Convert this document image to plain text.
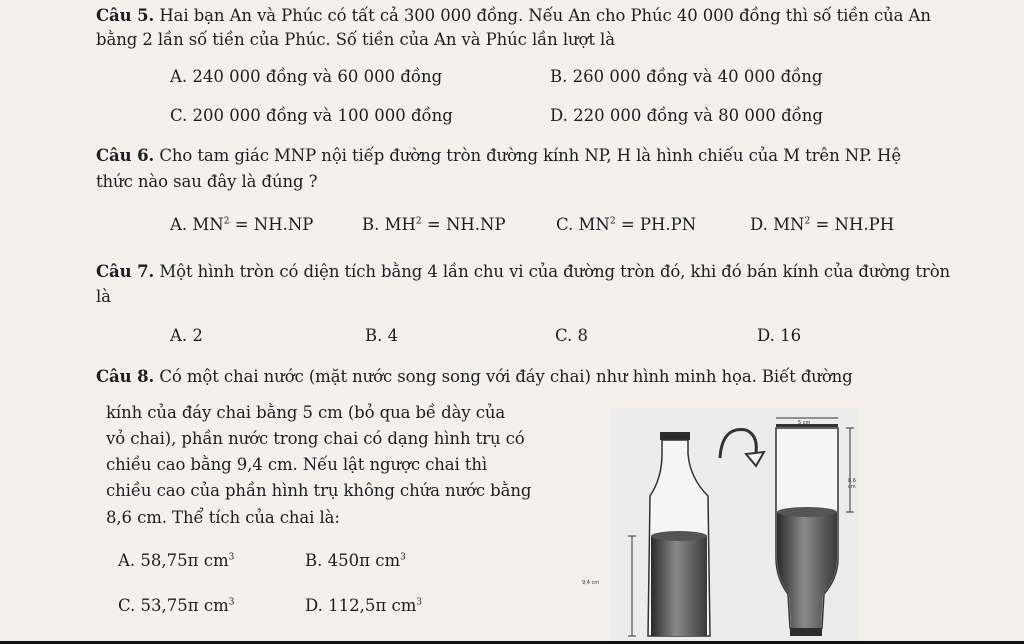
Câu 5. Hai bạn An và Phúc có tất cả 300 000 đồng. Nếu An cho Phúc 40 000 đồng thì số tiền của An
bằng 2 lần số tiền của Phúc. Số tiền của An và Phúc lần lượt là
A. 240 000 đồng và 60 000 đồng	B. 260 000 đồng và 40 000 đồng
C. 200 000 đồng và 100 000 đồng	D. 220 000 đồng và 80 000 đồng
Câu 6. Cho tam giác MNP nội tiếp đường tròn đường kính NP, H là hình chiếu của M trên NP. Hệ
thức nào sau đây là đúng ?
A. $MN^2 = NH.NP$	B. $MH^2 = NH.NP$	C. $MN^2 = PH.PN$	D. $MN^2 = NH.PH$
Câu 7. Một hình tròn có diện tích bằng 4 lần chu vi của đường tròn đó, khi đó bán kính của đường tròn
là
A. 2	B. 4	C. 8	D. 16
Câu 8. Có một chai nước (mặt nước song song với đáy chai) như hình minh họa. Biết đường
kính của đáy chai bằng 5 cm (bỏ qua bề dày của
vỏ chai), phần nước trong chai có dạng hình trụ có
chiều cao bằng 9,4 cm. Nếu lật ngược chai thì
chiều cao của phần hình trụ không chứa nước bằng
8,6 cm. Thể tích của chai là:
A. 58,75π $cm^3$	B. 450π $cm^3$
C. 53,75π $cm^3$	D. 112,5π $cm^3$
5 cm
8,6 cm
9,4 cm
